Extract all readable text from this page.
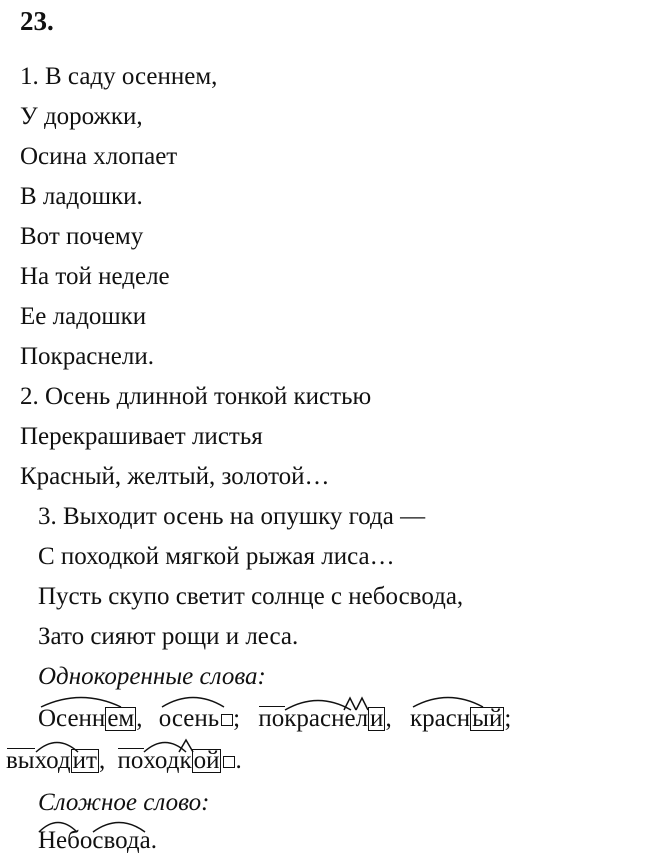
23.
1. В саду осеннем,
У дорожки,
Осина хлопает
В ладошки.
Вот почему
На той неделе
Ее ладошки
Покраснели.
2. Осень длинной тонкой кистью
Перекрашивает листья
Красный, желтый, золотой…
3. Выходит осень на опушку года —
С походкой мягкой рыжая лиса…
Пусть скупо светит солнце с небосвода,
Зато сияют рощи и леса.
Однокоренные слова:
Осеннем, осень ; по
красн
е
ли, красный;
вы
ходит, по
ход
кой .
Сложное слово:
Небо
свода.
